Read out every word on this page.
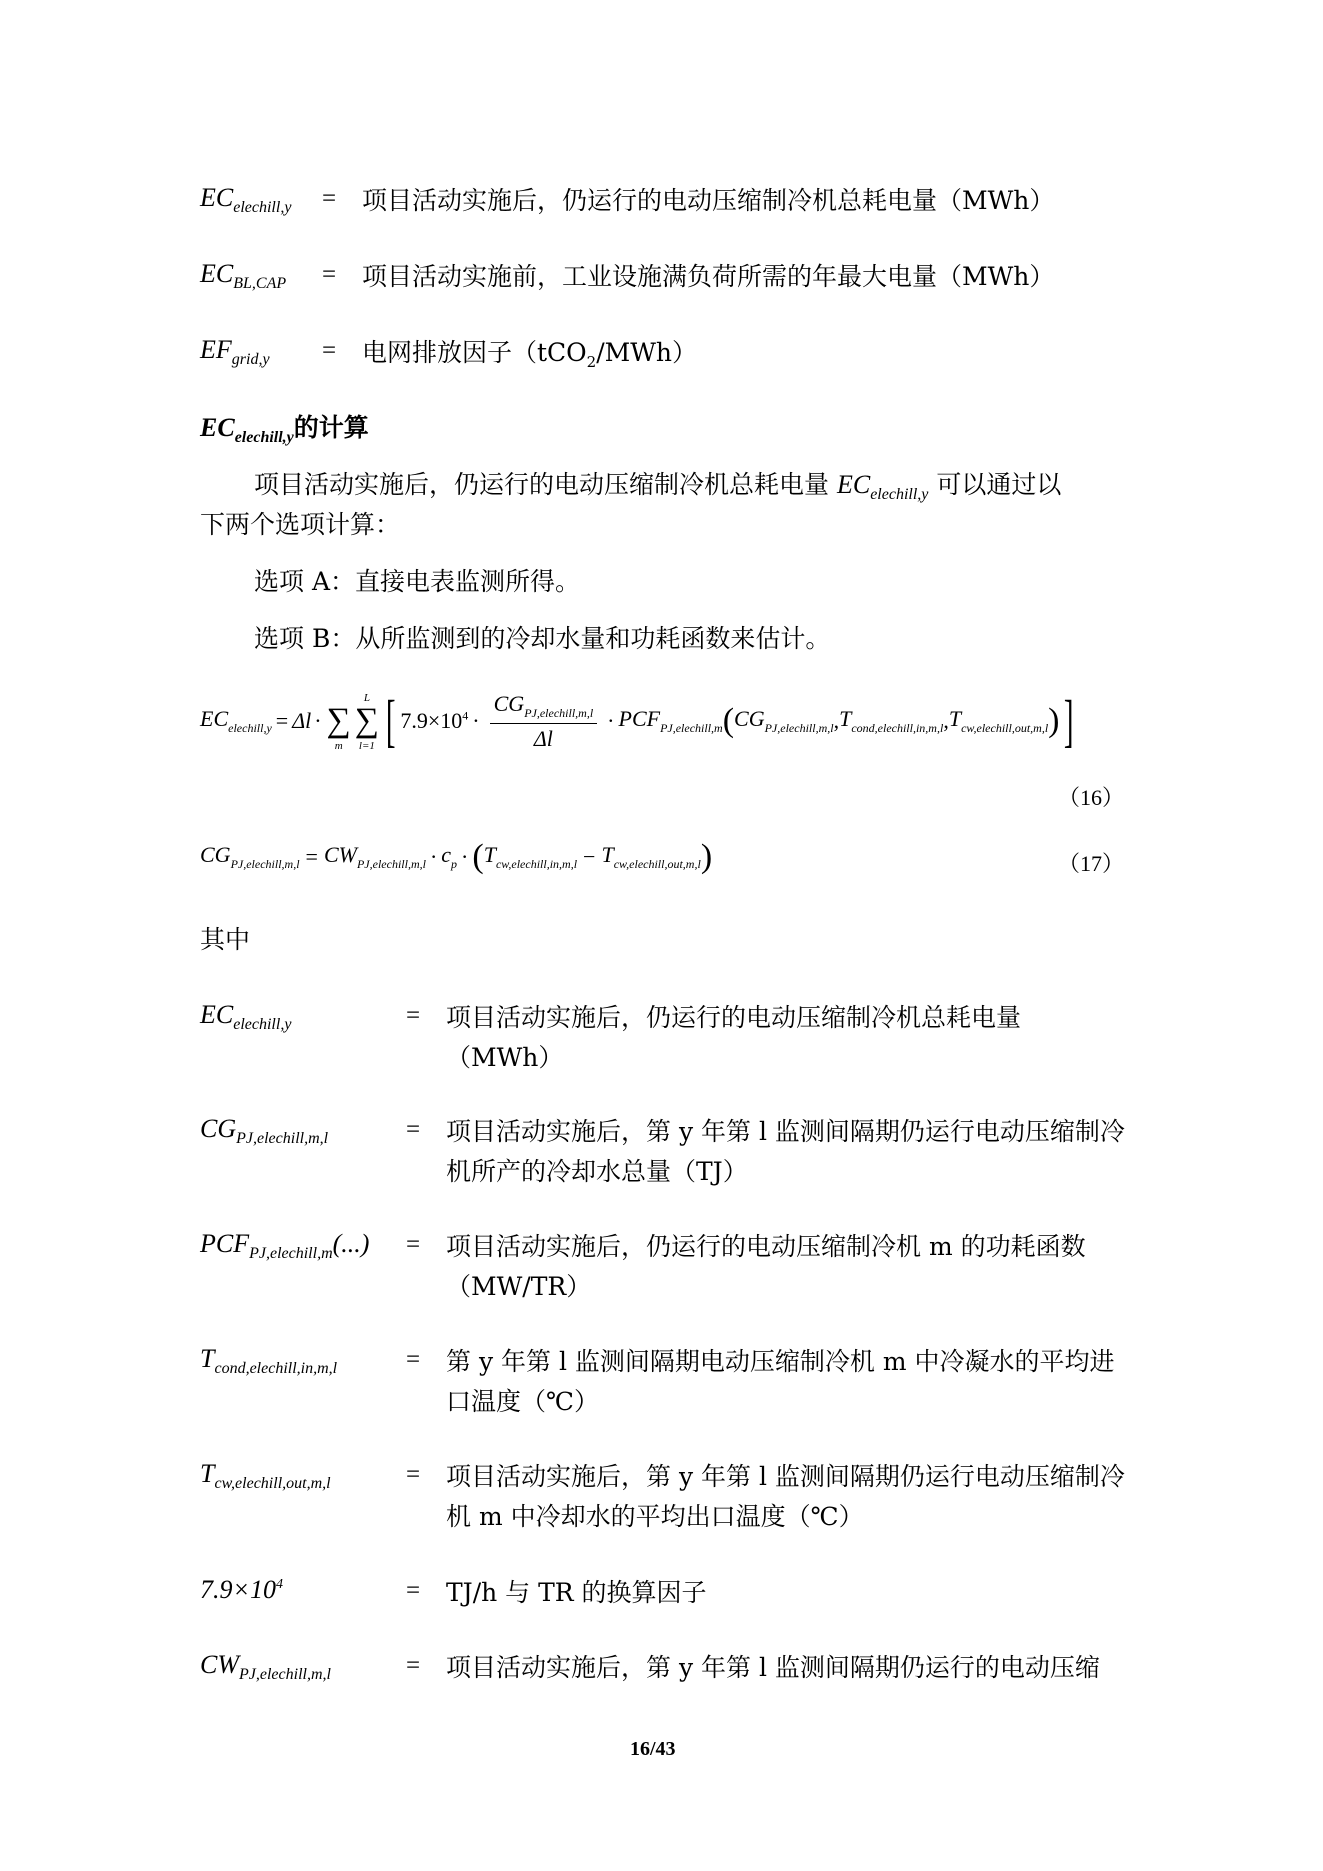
$EC_{elechill,y}$ = 项目活动实施后，仍运行的电动压缩制冷机总耗电量（MWh）
$EC_{BL,CAP}$ = 项目活动实施前，工业设施满负荷所需的年最大电量（MWh）
$EF_{grid,y}$ = 电网排放因子（tCO$_2$/MWh）
$EC_{elechill,y}$的计算
项目活动实施后，仍运行的电动压缩制冷机总耗电量 $EC_{elechill,y}$ 可以通过以
下两个选项计算：
选项 A：直接电表监测所得。
选项 B：从所监测到的冷却水量和功耗函数来估计。
$EC_{elechill,y} = \Delta l$ · ∑
m
∑
L
l=1 [ $7.9\times 10^4 \cdot \frac{CG_{PJ,elechill,m,l}}{\Delta l} \cdot PCF_{PJ,elechill,m}$ ( $CG_{PJ,elechill,m,l}$ , $T_{cond,elechill,in,m,l}$ , $T_{cw,elechill,out,m,l}$ ) ]
（16）
$CG_{PJ,elechill,m,l} = CW_{PJ,elechill,m,l} \cdot c_p$ · ( $T_{cw,elechill,in,m,l} - T_{cw,elechill,out,m,l}$ )	（17）
其中
$EC_{elechill,y}$	= 项目活动实施后，仍运行的电动压缩制冷机总耗电量（MWh）
$CG_{PJ,elechill,m,l}$	= 项目活动实施后，第 y 年第 l 监测间隔期仍运行电动压缩制冷机所产的冷却水总量（TJ）
$PCF_{PJ,elechill,m}(...)$ = 项目活动实施后，仍运行的电动压缩制冷机 m 的功耗函数（MW/TR）
$T_{cond,elechill,in,m,l}$	= 第 y 年第 l 监测间隔期电动压缩制冷机 m 中冷凝水的平均进口温度（℃）
$T_{cw,elechill,out,m,l}$	= 项目活动实施后，第 y 年第 l 监测间隔期仍运行电动压缩制冷机 m 中冷却水的平均出口温度（℃）
$7.9\times 10^4$	= TJ/h 与 TR 的换算因子
$CW_{PJ,elechill,m,l}$	= 项目活动实施后，第 y 年第 l 监测间隔期仍运行的电动压缩
16/43
